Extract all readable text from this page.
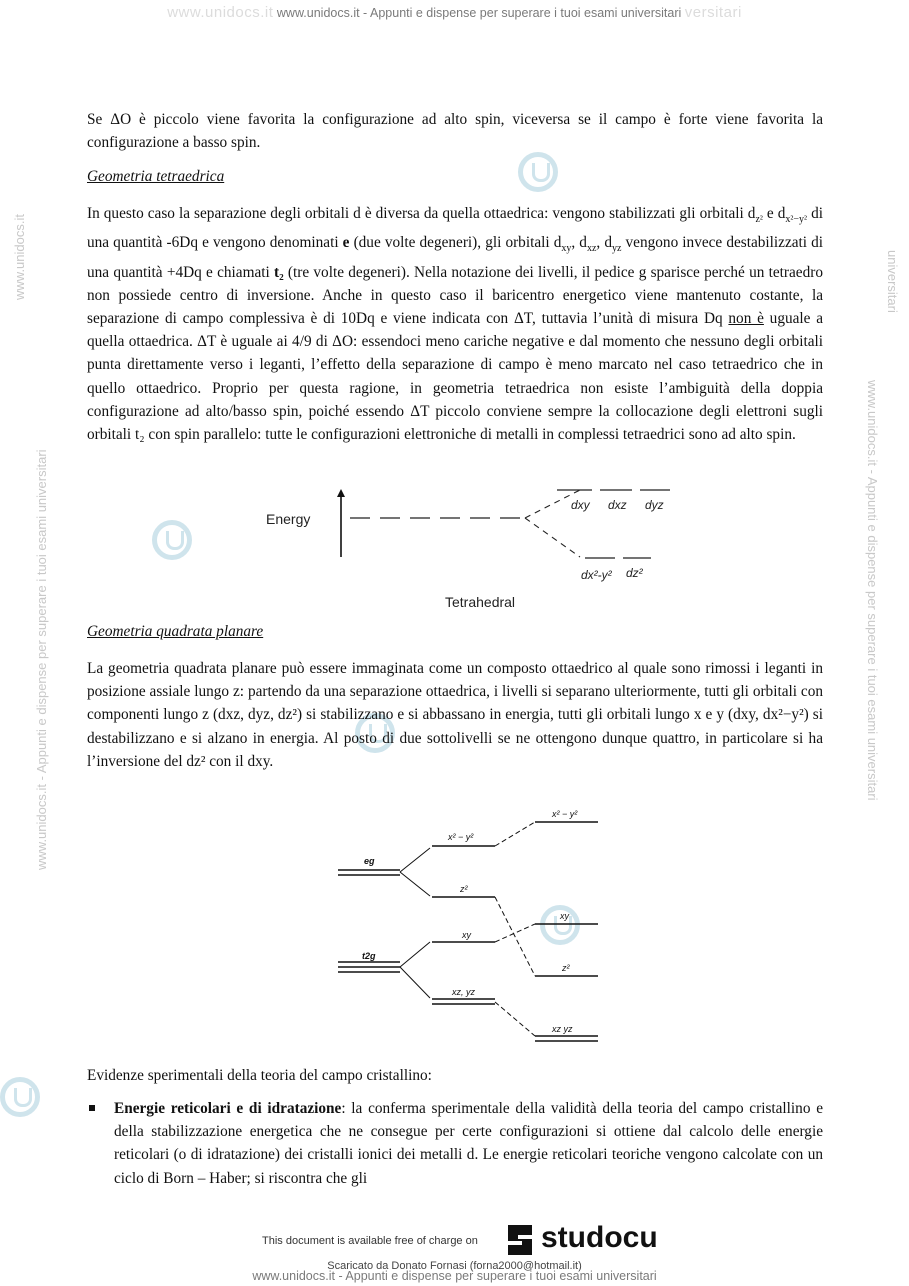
www.unidocs.it www.unidocs.it - Appunti e dispense per superare i tuoi esami universitari versitari
www.unidocs.it
www.unidocs.it - Appunti e dispense per superare i tuoi esami universitari
universitari
www.unidocs.it - Appunti e dispense per superare i tuoi esami universitari

Se ΔO è piccolo viene favorita la configurazione ad alto spin, viceversa se il campo è forte viene favorita la configurazione a basso spin.

Geometria tetraedrica

In questo caso la separazione degli orbitali d è diversa da quella ottaedrica: vengono stabilizzati gli orbitali $d_{z^2}$ e $d_{x^2-y^2}$ di una quantità -6Dq e vengono denominati e (due volte degeneri), gli orbitali $d_{xy}$, $d_{xz}$, $d_{yz}$ vengono invece destabilizzati di una quantità +4Dq e chiamati t₂ (tre volte degeneri). Nella notazione dei livelli, il pedice g sparisce perché un tetraedro non possiede centro di inversione. Anche in questo caso il baricentro energetico viene mantenuto costante, la separazione di campo complessiva è di 10Dq e viene indicata con ΔT, tuttavia l’unità di misura Dq non è uguale a quella ottaedrica. ΔT è uguale ai 4/9 di ΔO: essendoci meno cariche negative e dal momento che nessuno degli orbitali punta direttamente verso i leganti, l’effetto della separazione di campo è meno marcato nel caso tetraedrico che in quello ottaedrico. Proprio per questa ragione, in geometria tetraedrica non esiste l’ambiguità della doppia configurazione ad alto/basso spin, poiché essendo ΔT piccolo conviene sempre la collocazione degli elettroni sugli orbitali t₂ con spin parallelo: tutte le configurazioni elettroniche di metalli in complessi tetraedrici sono ad alto spin.

Energy
dxy dxz dyz
dx²-y² dz²
Tetrahedral

Geometria quadrata planare

La geometria quadrata planare può essere immaginata come un composto ottaedrico al quale sono rimossi i leganti in posizione assiale lungo z: partendo da una separazione ottaedrica, i livelli si separano ulteriormente, tutti gli orbitali con componenti lungo z (dxz, dyz, dz²) si stabilizzano e si abbassano in energia, tutti gli orbitali lungo x e y (dxy, dx²−y²) si destabilizzano e si alzano in energia. Al posto di due sottolivelli se ne ottengono dunque quattro, in particolare si ha l’inversione del dz² con il dxy.

eg
t2g
x² − y²
z²
xy
xz, yz
x² − y²
xy
z²
xz yz

Evidenze sperimentali della teoria del campo cristallino:

Energie reticolari e di idratazione: la conferma sperimentale della validità della teoria del campo cristallino e della stabilizzazione energetica che ne consegue per certe configurazioni si ottiene dal calcolo delle energie reticolari (o di idratazione) dei cristalli ionici dei metalli d. Le energie reticolari teoriche vengono calcolate con un ciclo di Born – Haber; si riscontra che gli

This document is available free of charge on studocu
Scaricato da Donato Fornasi (forna2000@hotmail.it)
www.unidocs.it - Appunti e dispense per superare i tuoi esami universitari
